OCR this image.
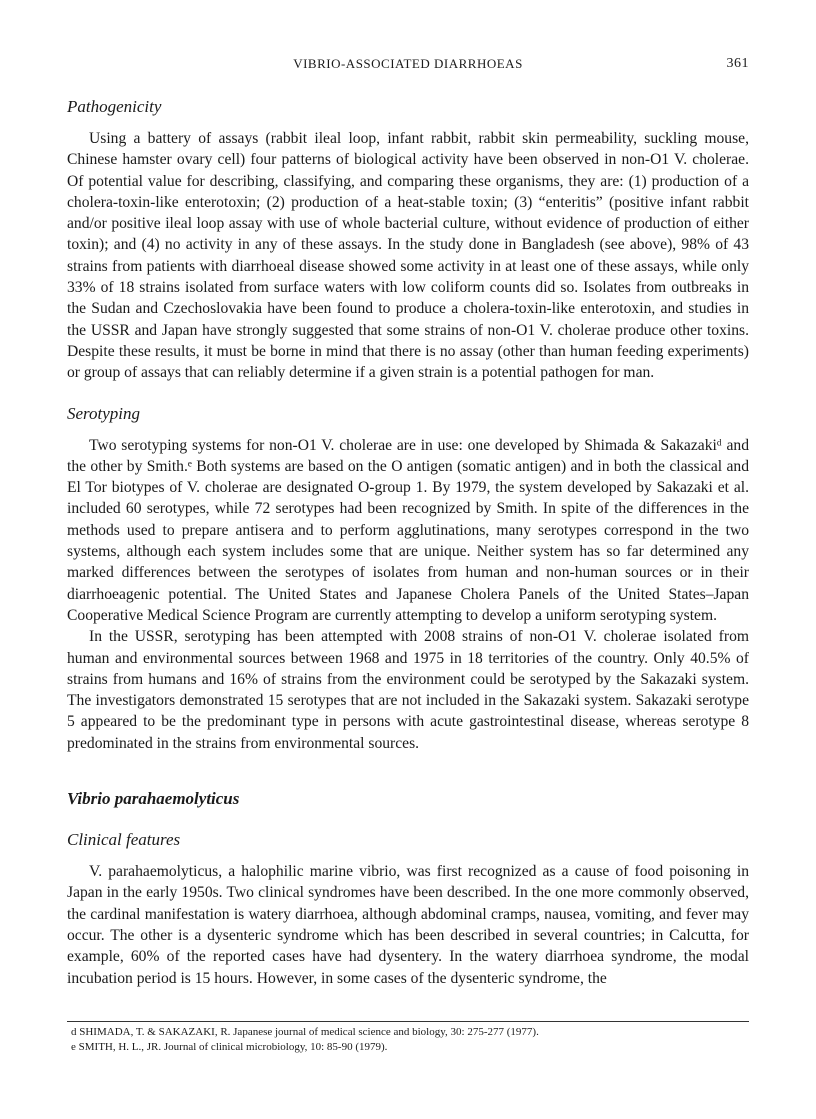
VIBRIO-ASSOCIATED DIARRHOEAS	361
Pathogenicity

Using a battery of assays (rabbit ileal loop, infant rabbit, rabbit skin permeability, suckling mouse, Chinese hamster ovary cell) four patterns of biological activity have been observed in non-O1 V. cholerae. Of potential value for describing, classifying, and comparing these organisms, they are: (1) production of a cholera-toxin-like enterotoxin; (2) production of a heat-stable toxin; (3) “enteritis” (positive infant rabbit and/or positive ileal loop assay with use of whole bacterial culture, without evidence of production of either toxin); and (4) no activity in any of these assays. In the study done in Bangladesh (see above), 98% of 43 strains from patients with diarrhoeal disease showed some activity in at least one of these assays, while only 33% of 18 strains isolated from surface waters with low coliform counts did so. Isolates from outbreaks in the Sudan and Czechoslovakia have been found to produce a cholera-toxin-like enterotoxin, and studies in the USSR and Japan have strongly suggested that some strains of non-O1 V. cholerae produce other toxins. Despite these results, it must be borne in mind that there is no assay (other than human feeding experiments) or group of assays that can reliably determine if a given strain is a potential pathogen for man.

Serotyping

Two serotyping systems for non-O1 V. cholerae are in use: one developed by Shimada & Sakazakiᵈ and the other by Smith.ᵉ Both systems are based on the O antigen (somatic antigen) and in both the classical and El Tor biotypes of V. cholerae are designated O-group 1. By 1979, the system developed by Sakazaki et al. included 60 serotypes, while 72 serotypes had been recognized by Smith. In spite of the differences in the methods used to prepare antisera and to perform agglutinations, many serotypes correspond in the two systems, although each system includes some that are unique. Neither system has so far determined any marked differences between the serotypes of isolates from human and non-human sources or in their diarrhoeagenic potential. The United States and Japanese Cholera Panels of the United States–Japan Cooperative Medical Science Program are currently attempting to develop a uniform serotyping system.

In the USSR, serotyping has been attempted with 2008 strains of non-O1 V. cholerae isolated from human and environmental sources between 1968 and 1975 in 18 territories of the country. Only 40.5% of strains from humans and 16% of strains from the environment could be serotyped by the Sakazaki system. The investigators demonstrated 15 serotypes that are not included in the Sakazaki system. Sakazaki serotype 5 appeared to be the predominant type in persons with acute gastrointestinal disease, whereas serotype 8 predominated in the strains from environmental sources.

Vibrio parahaemolyticus
Clinical features

V. parahaemolyticus, a halophilic marine vibrio, was first recognized as a cause of food poisoning in Japan in the early 1950s. Two clinical syndromes have been described. In the one more commonly observed, the cardinal manifestation is watery diarrhoea, although abdominal cramps, nausea, vomiting, and fever may occur. The other is a dysenteric syndrome which has been described in several countries; in Calcutta, for example, 60% of the reported cases have had dysentery. In the watery diarrhoea syndrome, the modal incubation period is 15 hours. However, in some cases of the dysenteric syndrome, the

d SHIMADA, T. & SAKAZAKI, R. Japanese journal of medical science and biology, 30: 275-277 (1977).
e SMITH, H. L., JR. Journal of clinical microbiology, 10: 85-90 (1979).
